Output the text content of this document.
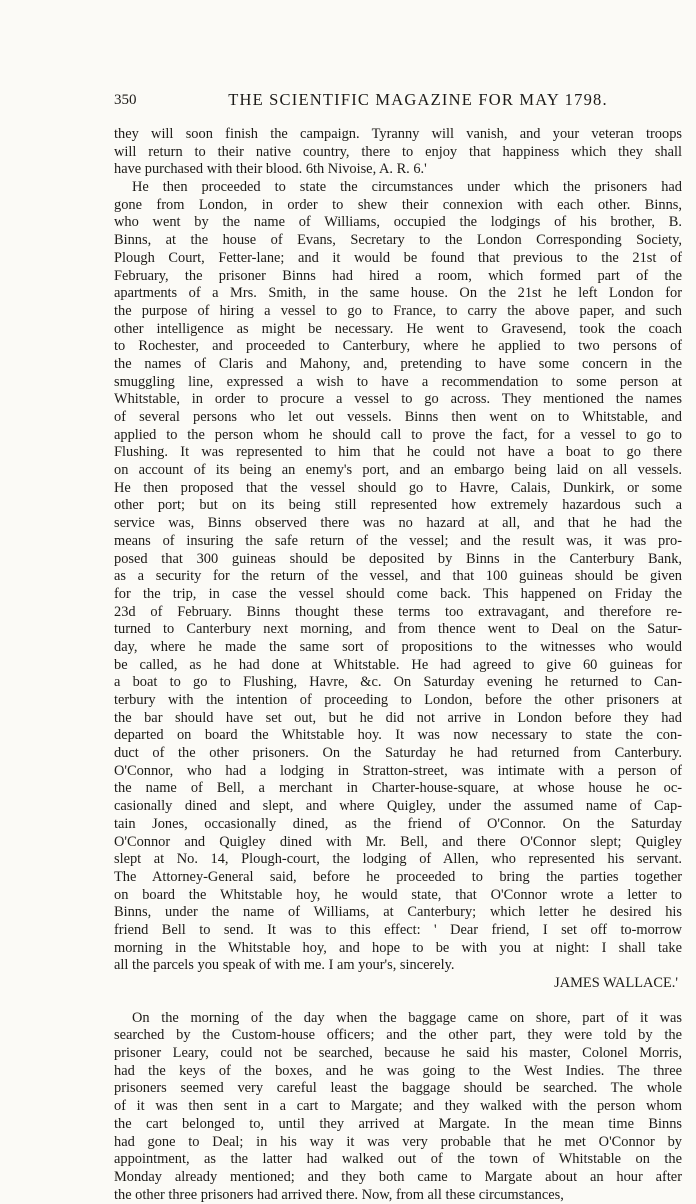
350	THE SCIENTIFIC MAGAZINE FOR MAY 1798.
they will soon finish the campaign. Tyranny will vanish, and your veteran troops
will return to their native country, there to enjoy that happiness which they shall
have purchased with their blood. 6th Nivoise, A. R. 6.'
He then proceeded to state the circumstances under which the prisoners had
gone from London, in order to shew their connexion with each other. Binns,
who went by the name of Williams, occupied the lodgings of his brother, B.
Binns, at the house of Evans, Secretary to the London Corresponding Society,
Plough Court, Fetter-lane; and it would be found that previous to the 21st of
February, the prisoner Binns had hired a room, which formed part of the
apartments of a Mrs. Smith, in the same house. On the 21st he left London for
the purpose of hiring a vessel to go to France, to carry the above paper, and such
other intelligence as might be necessary. He went to Gravesend, took the coach
to Rochester, and proceeded to Canterbury, where he applied to two persons of
the names of Claris and Mahony, and, pretending to have some concern in the
smuggling line, expressed a wish to have a recommendation to some person at
Whitstable, in order to procure a vessel to go across. They mentioned the names
of several persons who let out vessels. Binns then went on to Whitstable, and
applied to the person whom he should call to prove the fact, for a vessel to go to
Flushing. It was represented to him that he could not have a boat to go there
on account of its being an enemy's port, and an embargo being laid on all vessels.
He then proposed that the vessel should go to Havre, Calais, Dunkirk, or some
other port; but on its being still represented how extremely hazardous such a
service was, Binns observed there was no hazard at all, and that he had the
means of insuring the safe return of the vessel; and the result was, it was pro-
posed that 300 guineas should be deposited by Binns in the Canterbury Bank,
as a security for the return of the vessel, and that 100 guineas should be given
for the trip, in case the vessel should come back. This happened on Friday the
23d of February. Binns thought these terms too extravagant, and therefore re-
turned to Canterbury next morning, and from thence went to Deal on the Satur-
day, where he made the same sort of propositions to the witnesses who would
be called, as he had done at Whitstable. He had agreed to give 60 guineas for
a boat to go to Flushing, Havre, &c. On Saturday evening he returned to Can-
terbury with the intention of proceeding to London, before the other prisoners at
the bar should have set out, but he did not arrive in London before they had
departed on board the Whitstable hoy. It was now necessary to state the con-
duct of the other prisoners. On the Saturday he had returned from Canterbury.
O'Connor, who had a lodging in Stratton-street, was intimate with a person of
the name of Bell, a merchant in Charter-house-square, at whose house he oc-
casionally dined and slept, and where Quigley, under the assumed name of Cap-
tain Jones, occasionally dined, as the friend of O'Connor. On the Saturday
O'Connor and Quigley dined with Mr. Bell, and there O'Connor slept; Quigley
slept at No. 14, Plough-court, the lodging of Allen, who represented his servant.
The Attorney-General said, before he proceeded to bring the parties together
on board the Whitstable hoy, he would state, that O'Connor wrote a letter to
Binns, under the name of Williams, at Canterbury; which letter he desired his
friend Bell to send. It was to this effect: ' Dear friend, I set off to-morrow
morning in the Whitstable hoy, and hope to be with you at night: I shall take
all the parcels you speak of with me. I am your's, sincerely.
JAMES WALLACE.'
On the morning of the day when the baggage came on shore, part of it was
searched by the Custom-house officers; and the other part, they were told by the
prisoner Leary, could not be searched, because he said his master, Colonel Morris,
had the keys of the boxes, and he was going to the West Indies. The three
prisoners seemed very careful least the baggage should be searched. The whole
of it was then sent in a cart to Margate; and they walked with the person whom
the cart belonged to, until they arrived at Margate. In the mean time Binns
had gone to Deal; in his way it was very probable that he met O'Connor by
appointment, as the latter had walked out of the town of Whitstable on the
Monday already mentioned; and they both came to Margate about an hour after
the other three prisoners had arrived there. Now, from all these circumstances,
